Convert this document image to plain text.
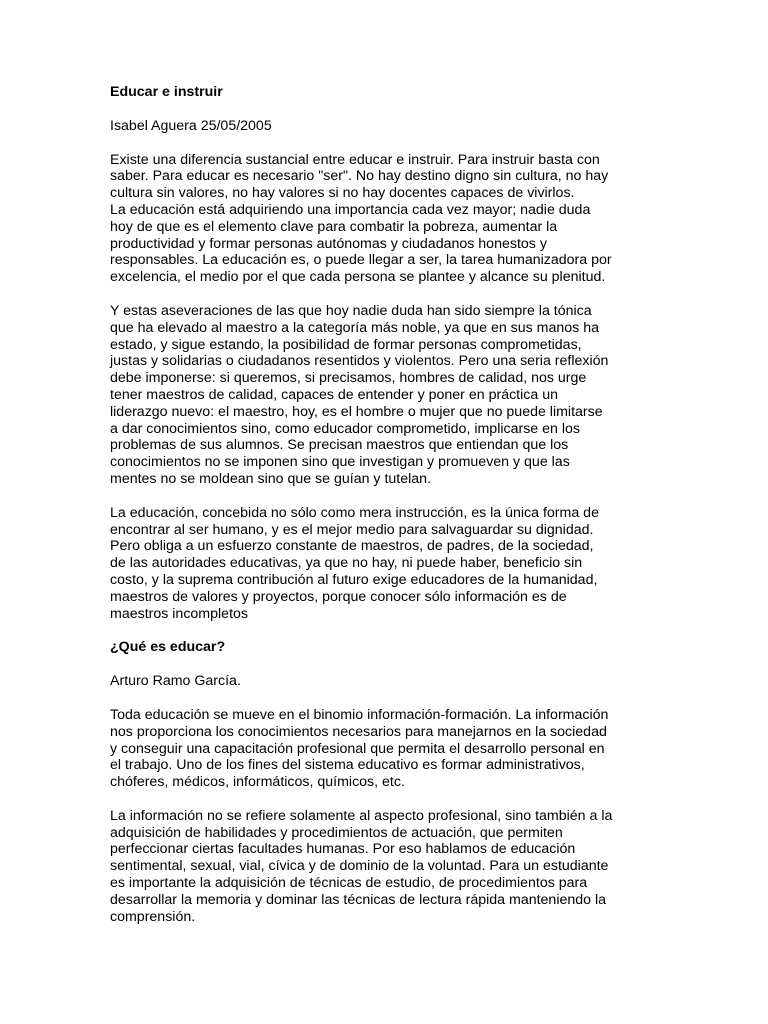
Educar e instruir
Isabel Aguera 25/05/2005
Existe una diferencia sustancial entre educar e instruir. Para instruir basta con
saber. Para educar es necesario "ser". No hay destino digno sin cultura, no hay
cultura sin valores, no hay valores si no hay docentes capaces de vivirlos.
La educación está adquiriendo una importancia cada vez mayor; nadie duda
hoy de que es el elemento clave para combatir la pobreza, aumentar la
productividad y formar personas autónomas y ciudadanos honestos y
responsables. La educación es, o puede llegar a ser, la tarea humanizadora por
excelencia, el medio por el que cada persona se plantee y alcance su plenitud.
Y estas aseveraciones de las que hoy nadie duda han sido siempre la tónica
que ha elevado al maestro a la categoría más noble, ya que en sus manos ha
estado, y sigue estando, la posibilidad de formar personas comprometidas,
justas y solidarias o ciudadanos resentidos y violentos. Pero una seria reflexión
debe imponerse: si queremos, si precisamos, hombres de calidad, nos urge
tener maestros de calidad, capaces de entender y poner en práctica un
liderazgo nuevo: el maestro, hoy, es el hombre o mujer que no puede limitarse
a dar conocimientos sino, como educador comprometido, implicarse en los
problemas de sus alumnos. Se precisan maestros que entiendan que los
conocimientos no se imponen sino que investigan y promueven y que las
mentes no se moldean sino que se guían y tutelan.
La educación, concebida no sólo como mera instrucción, es la única forma de
encontrar al ser humano, y es el mejor medio para salvaguardar su dignidad.
Pero obliga a un esfuerzo constante de maestros, de padres, de la sociedad,
de las autoridades educativas, ya que no hay, ni puede haber, beneficio sin
costo, y la suprema contribución al futuro exige educadores de la humanidad,
maestros de valores y proyectos, porque conocer sólo información es de
maestros incompletos
¿Qué es educar?
Arturo Ramo García.
Toda educación se mueve en el binomio información-formación. La información
nos proporciona los conocimientos necesarios para manejarnos en la sociedad
y conseguir una capacitación profesional que permita el desarrollo personal en
el trabajo. Uno de los fines del sistema educativo es formar administrativos,
chóferes, médicos, informáticos, químicos, etc.
La información no se refiere solamente al aspecto profesional, sino también a la
adquisición de habilidades y procedimientos de actuación, que permiten
perfeccionar ciertas facultades humanas. Por eso hablamos de educación
sentimental, sexual, vial, cívica y de dominio de la voluntad. Para un estudiante
es importante la adquisición de técnicas de estudio, de procedimientos para
desarrollar la memoria y dominar las técnicas de lectura rápida manteniendo la
comprensión.
